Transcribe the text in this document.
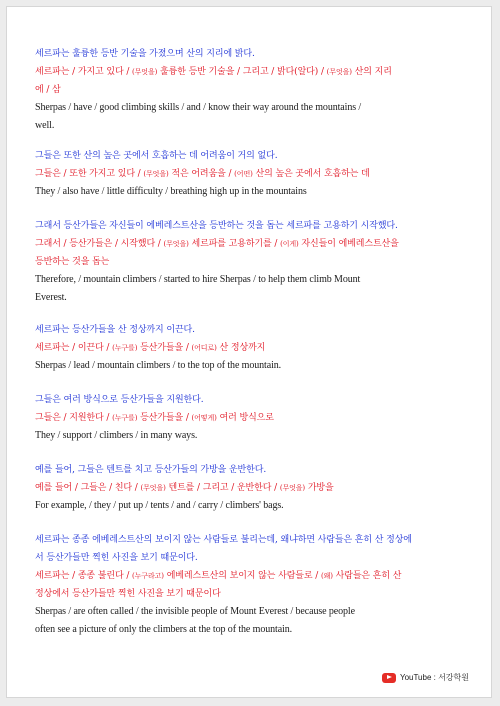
세르파는 훌륭한 등반 기술을 가졌으며 산의 지리에 밝다.
세르파는 / 가지고 있다 / (무엇을) 훌륭한 등반 기술을 / 그리고 / 밝다(알다) / (무엇을) 산의 지리
에 / 삼
Sherpas / have / good climbing skills / and / know their way around the mountains /
well.
그들은 또한 산의 높은 곳에서 호흡하는 데 어려움이 거의 없다.
그들은 / 또한 가지고 있다 / (무엇을) 적은 어려움을 / (어떤) 산의 높은 곳에서 호흡하는 데
They / also have / little difficulty / breathing high up in the mountains
그래서 등산가들은 자신들이 에베레스트산을 등반하는 것을 돕는 세르파를 고용하기 시작했다.
그래서 / 등산가들은 / 시작했다 / (무엇을) 세르파를 고용하기를 / (이게) 자신들이 에베레스트산을
등반하는 것을 돕는
Therefore, / mountain climbers / started to hire Sherpas / to help them climb Mount
Everest.
세르파는 등산가들을 산 정상까지 이끈다.
세르파는 / 이끈다 / (누구를) 등산가들을 / (어디로) 산 정상까지
Sherpas / lead / mountain climbers / to the top of the mountain.
그들은 여러 방식으로 등산가들을 지원한다.
그들은 / 지원한다 / (누구를) 등산가들을 / (어떻게) 여러 방식으로
They / support / climbers / in many ways.
예를 들어, 그들은 텐트를 치고 등산가들의 가방을 운반한다.
예를 들어 / 그들은 / 친다 / (무엇을) 텐트를 / 그리고 / 운반한다 / (무엇을) 가방을
For example, / they / put up / tents / and / carry / climbers' bags.
세르파는 종종 에베레스트산의 보이지 않는 사람들로 불리는데, 왜냐하면 사람들은 흔히 산 정상에
서 등산가들만 찍힌 사진을 보기 때문이다.
세르파는 / 종종 불린다 / (누구라고) 에베레스트산의 보이지 않는 사람들로 / (왜) 사람들은 흔히 산
정상에서 등산가들만 찍힌 사진을 보기 때문이다
Sherpas / are often called / the invisible people of Mount Everest / because people
often see a picture of only the climbers at the top of the mountain.
YouTube : 서강학원
